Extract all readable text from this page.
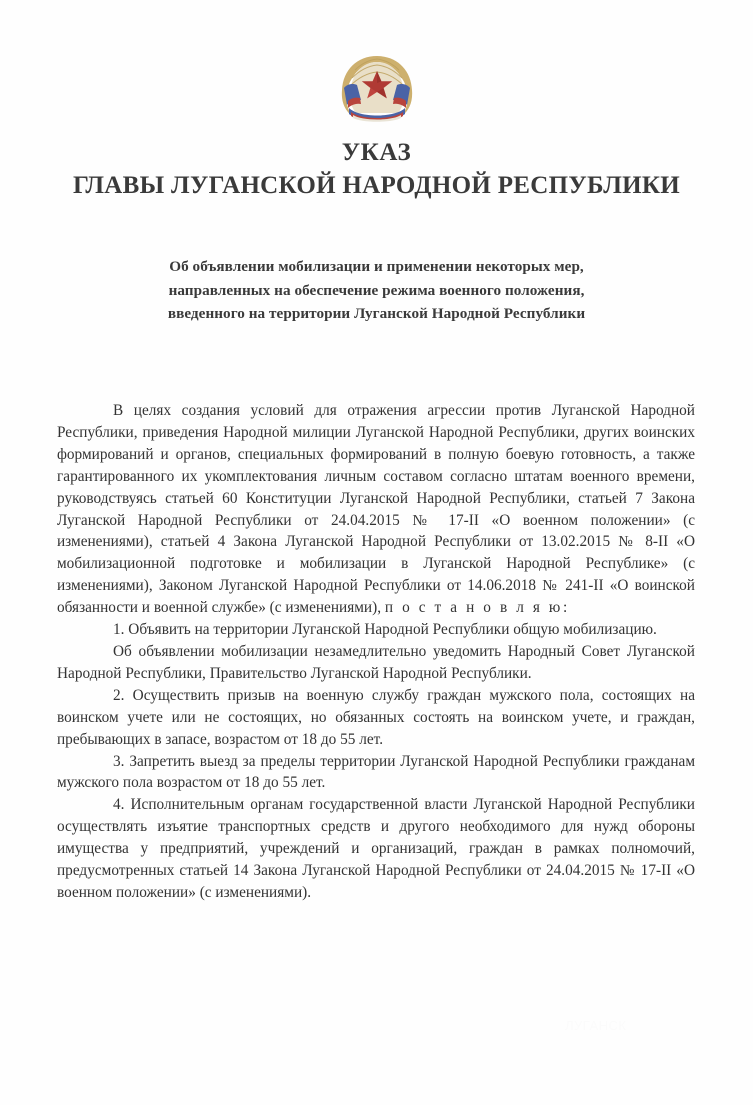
УКАЗ
ГЛАВЫ ЛУГАНСКОЙ НАРОДНОЙ РЕСПУБЛИКИ
Об объявлении мобилизации и применении некоторых мер,
направленных на обеспечение режима военного положения,
введенного на территории Луганской Народной Республики

В целях создания условий для отражения агрессии против Луганской Народной Республики, приведения Народной милиции Луганской Народной Республики, других воинских формирований и органов, специальных формирований в полную боевую готовность, а также гарантированного их укомплектования личным составом согласно штатам военного времени, руководствуясь статьей 60 Конституции Луганской Народной Республики, статьей 7 Закона Луганской Народной Республики от 24.04.2015 № 17-II «О военном положении» (с изменениями), статьей 4 Закона Луганской Народной Республики от 13.02.2015 № 8-II «О мобилизационной подготовке и мобилизации в Луганской Народной Республике» (с изменениями), Законом Луганской Народной Республики от 14.06.2018 № 241-II «О воинской обязанности и военной службе» (с изменениями), п о с т а н о в л я ю:

1. Объявить на территории Луганской Народной Республики общую мобилизацию.

Об объявлении мобилизации незамедлительно уведомить Народный Совет Луганской Народной Республики, Правительство Луганской Народной Республики.

2. Осуществить призыв на военную службу граждан мужского пола, состоящих на воинском учете или не состоящих, но обязанных состоять на воинском учете, и граждан, пребывающих в запасе, возрастом от 18 до 55 лет.

3. Запретить выезд за пределы территории Луганской Народной Республики гражданам мужского пола возрастом от 18 до 55 лет.

4. Исполнительным органам государственной власти Луганской Народной Республики осуществлять изъятие транспортных средств и другого необходимого для нужд обороны имущества у предприятий, учреждений и организаций, граждан в рамках полномочий, предусмотренных статьей 14 Закона Луганской Народной Республики от 24.04.2015 № 17-II «О военном положении» (с изменениями).

ЛУГАНСК
